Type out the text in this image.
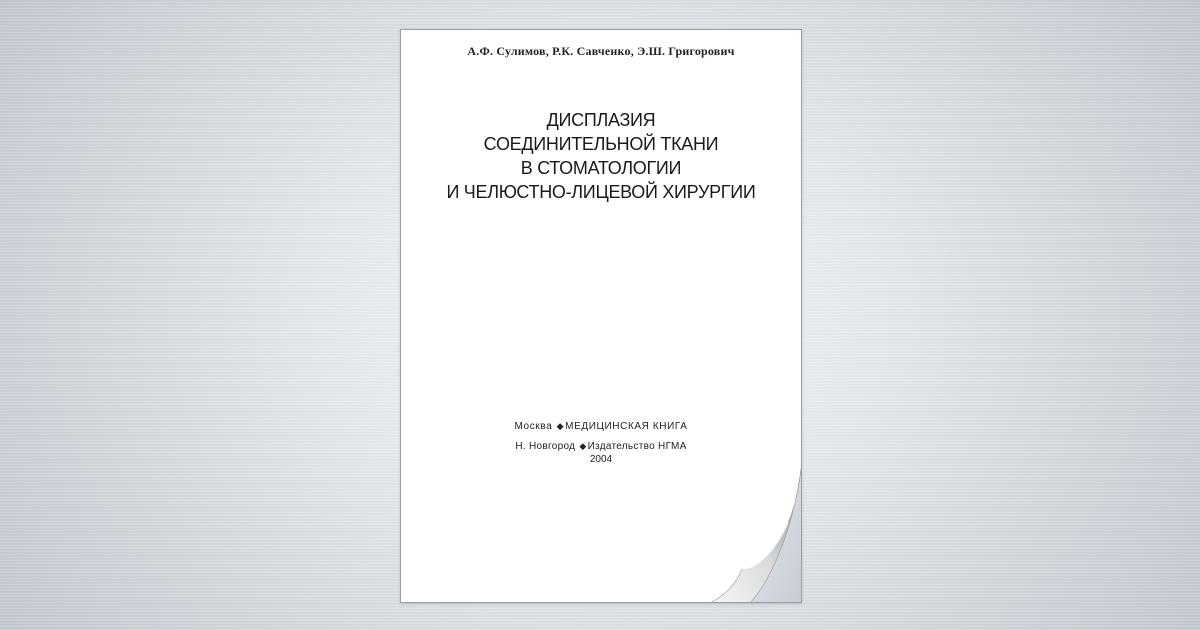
А.Ф. Сулимов, Р.К. Савченко, Э.Ш. Григорович
ДИСПЛАЗИЯ
СОЕДИНИТЕЛЬНОЙ ТКАНИ
В СТОМАТОЛОГИИ
И ЧЕЛЮСТНО-ЛИЦЕВОЙ ХИРУРГИИ
Москва ◆МЕДИЦИНСКАЯ КНИГА
Н. Новгород ◆Издательство НГМА
2004
